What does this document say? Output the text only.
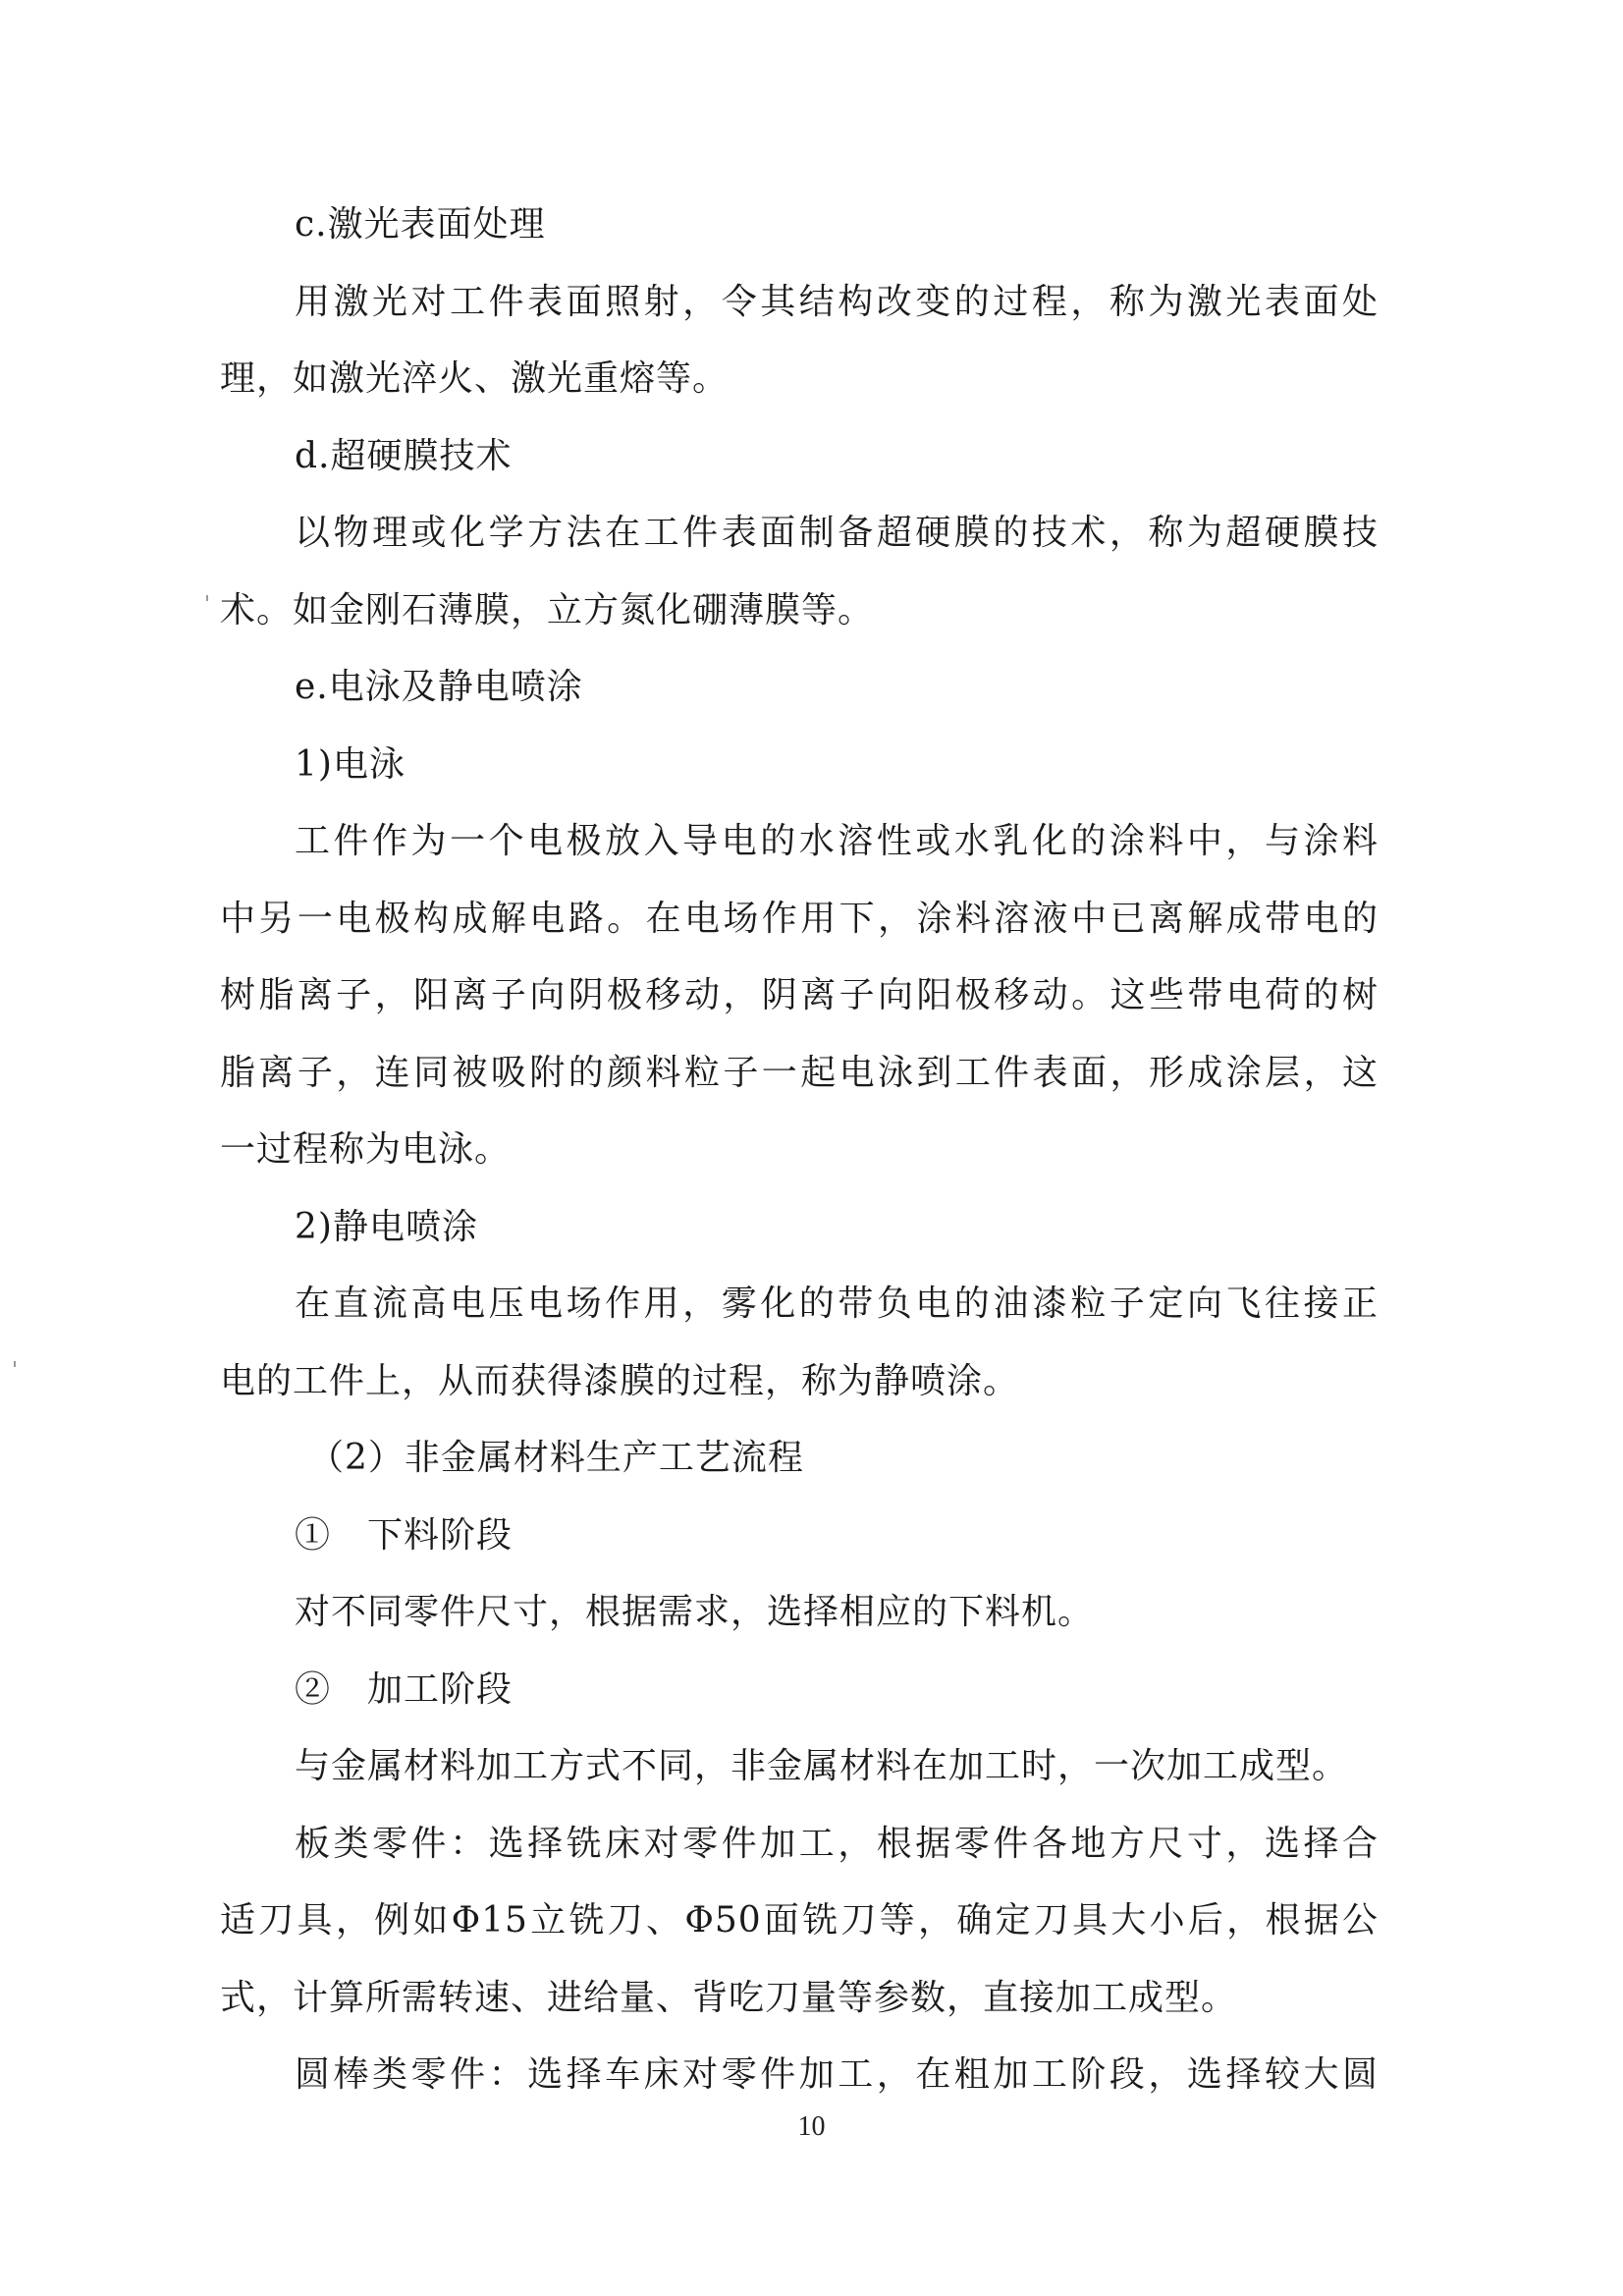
c.激光表面处理
用激光对工件表面照射，令其结构改变的过程，称为激光表面处
理，如激光淬火、激光重熔等。
d.超硬膜技术
以物理或化学方法在工件表面制备超硬膜的技术，称为超硬膜技
术。如金刚石薄膜，立方氮化硼薄膜等。
e.电泳及静电喷涂
1)电泳
工件作为一个电极放入导电的水溶性或水乳化的涂料中，与涂料
中另一电极构成解电路。在电场作用下，涂料溶液中已离解成带电的
树脂离子，阳离子向阴极移动，阴离子向阳极移动。这些带电荷的树
脂离子，连同被吸附的颜料粒子一起电泳到工件表面，形成涂层，这
一过程称为电泳。
2)静电喷涂
在直流高电压电场作用，雾化的带负电的油漆粒子定向飞往接正
电的工件上，从而获得漆膜的过程，称为静喷涂。
（2）非金属材料生产工艺流程
①　下料阶段
对不同零件尺寸，根据需求，选择相应的下料机。
②　加工阶段
与金属材料加工方式不同，非金属材料在加工时，一次加工成型。
板类零件：选择铣床对零件加工，根据零件各地方尺寸，选择合
适刀具，例如Φ15立铣刀、Φ50面铣刀等，确定刀具大小后，根据公
式，计算所需转速、进给量、背吃刀量等参数，直接加工成型。
圆棒类零件：选择车床对零件加工，在粗加工阶段，选择较大圆
10
